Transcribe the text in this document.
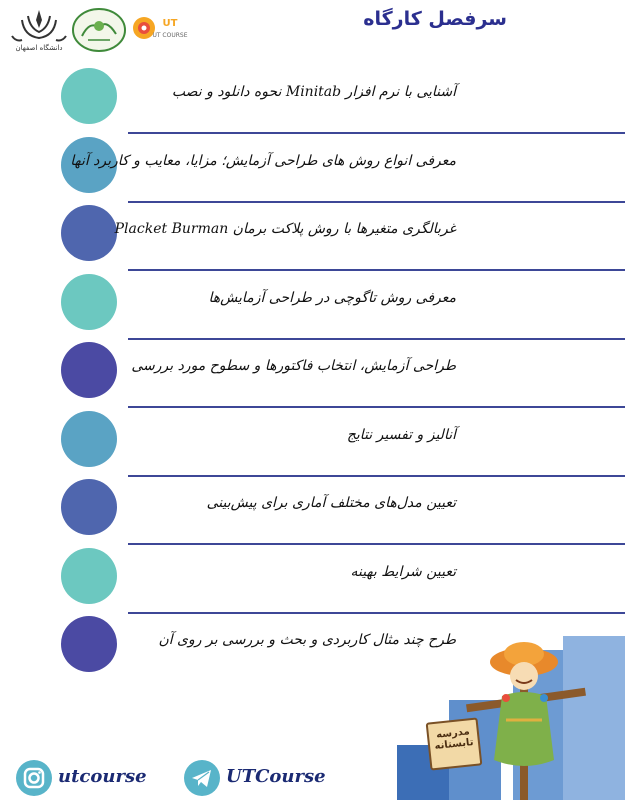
دانشگاه اصفهان
UT
UT COURSE
سرفصل کارگاه
مدرسه
تابستانه
آشنایی با نرم افزار Minitab نحوه دانلود و نصب
معرفی انواع روش های طراحی آزمایش؛ مزایا، معایب و کاربرد آنها
غربالگری متغیرها با روش پلاکت برمان Placket Burman
معرفی روش تاگوچی در طراحی آزمایش‌ها
طراحی آزمایش، انتخاب فاکتورها و سطوح مورد بررسی
آنالیز و تفسیر نتایج
تعیین مدل‌های مختلف آماری برای پیش‌بینی
تعیین شرایط بهینه
طرح چند مثال کاربردی و بحث و بررسی بر روی آن
utcourse	UTCourse
